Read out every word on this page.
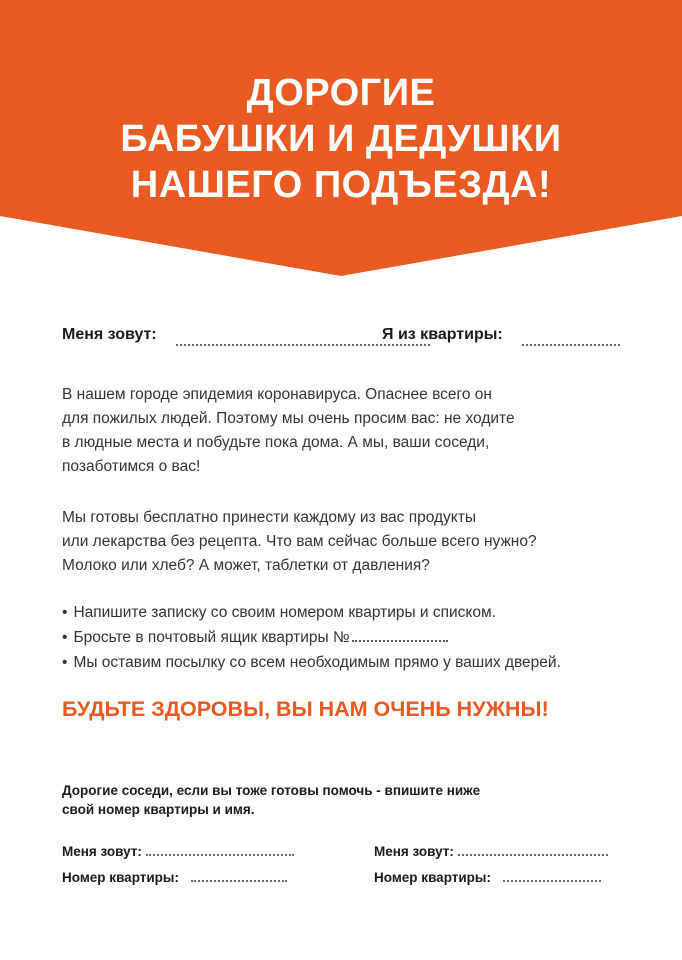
ДОРОГИЕ
БАБУШКИ И ДЕДУШКИ
НАШЕГО ПОДЪЕЗДА!
Меня зовут:	Я из квартиры:

В нашем городе эпидемия коронавируса. Опаснее всего он
для пожилых людей. Поэтому мы очень просим вас: не ходите
в людные места и побудьте пока дома. А мы, ваши соседи,
позаботимся о вас!

Мы готовы бесплатно принести каждому из вас продукты
или лекарства без рецепта. Что вам сейчас больше всего нужно?
Молоко или хлеб? А может, таблетки от давления?

• Напишите записку со своим номером квартиры и списком.
• Бросьте в почтовый ящик квартиры №
• Мы оставим посылку со всем необходимым прямо у ваших дверей.
БУДЬТЕ ЗДОРОВЫ, ВЫ НАМ ОЧЕНЬ НУЖНЫ!

Дорогие соседи, если вы тоже готовы помочь - впишите ниже
свой номер квартиры и имя.

Меня зовут:
Номер квартиры:
Меня зовут:
Номер квартиры:
